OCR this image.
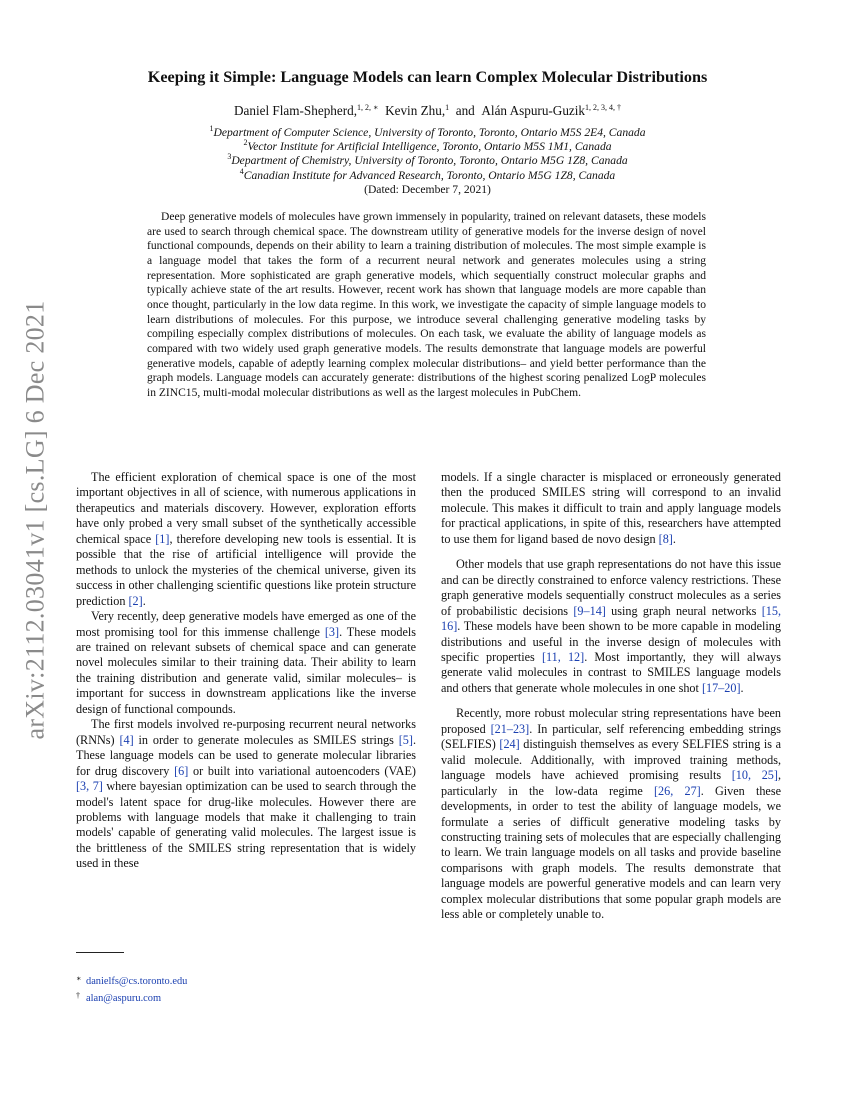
arXiv:2112.03041v1 [cs.LG] 6 Dec 2021
Keeping it Simple: Language Models can learn Complex Molecular Distributions
Daniel Flam-Shepherd,$^{1, 2, ∗}$ Kevin Zhu,$^1$ and Alán Aspuru-Guzik$^{1, 2, 3, 4, \dagger}$
$^1$Department of Computer Science, University of Toronto, Toronto, Ontario M5S 2E4, Canada
$^2$Vector Institute for Artificial Intelligence, Toronto, Ontario M5S 1M1, Canada
$^3$Department of Chemistry, University of Toronto, Toronto, Ontario M5G 1Z8, Canada
$^4$Canadian Institute for Advanced Research, Toronto, Ontario M5G 1Z8, Canada
(Dated: December 7, 2021)

Deep generative models of molecules have grown immensely in popularity, trained on relevant datasets, these models are used to search through chemical space. The downstream utility of generative models for the inverse design of novel functional compounds, depends on their ability to learn a training distribution of molecules. The most simple example is a language model that takes the form of a recurrent neural network and generates molecules using a string representation. More sophisticated are graph generative models, which sequentially construct molecular graphs and typically achieve state of the art results. However, recent work has shown that language models are more capable than once thought, particularly in the low data regime. In this work, we investigate the capacity of simple language models to learn distributions of molecules. For this purpose, we introduce several challenging generative modeling tasks by compiling especially complex distributions of molecules. On each task, we evaluate the ability of language models as compared with two widely used graph generative models. The results demonstrate that language models are powerful generative models, capable of adeptly learning complex molecular distributions– and yield better performance than the graph models. Language models can accurately generate: distributions of the highest scoring penalized LogP molecules in ZINC15, multi-modal molecular distributions as well as the largest molecules in PubChem.

The efficient exploration of chemical space is one of the most important objectives in all of science, with numerous applications in therapeutics and materials discovery. However, exploration efforts have only probed a very small subset of the synthetically accessible chemical space [1], therefore developing new tools is essential. It is possible that the rise of artificial intelligence will provide the methods to unlock the mysteries of the chemical universe, given its success in other challenging scientific questions like protein structure prediction [2].

Very recently, deep generative models have emerged as one of the most promising tool for this immense challenge [3]. These models are trained on relevant subsets of chemical space and can generate novel molecules similar to their training data. Their ability to learn the training distribution and generate valid, similar molecules– is important for success in downstream applications like the inverse design of functional compounds.

The first models involved re-purposing recurrent neural networks (RNNs) [4] in order to generate molecules as SMILES strings [5]. These language models can be used to generate molecular libraries for drug discovery [6] or built into variational autoencoders (VAE) [3, 7] where bayesian optimization can be used to search through the model's latent space for drug-like molecules. However there are problems with language models that make it challenging to train models' capable of generating valid molecules. The largest issue is the brittleness of the SMILES string representation that is widely used in these

models. If a single character is misplaced or erroneously generated then the produced SMILES string will correspond to an invalid molecule. This makes it difficult to train and apply language models for practical applications, in spite of this, researchers have attempted to use them for ligand based de novo design [8].

Other models that use graph representations do not have this issue and can be directly constrained to enforce valency restrictions. These graph generative models sequentially construct molecules as a series of probabilistic decisions [9–14] using graph neural networks [15, 16]. These models have been shown to be more capable in modeling distributions and useful in the inverse design of molecules with specific properties [11, 12]. Most importantly, they will always generate valid molecules in contrast to SMILES language models and others that generate whole molecules in one shot [17–20].

Recently, more robust molecular string representations have been proposed [21–23]. In particular, self referencing embedding strings (SELFIES) [24] distinguish themselves as every SELFIES string is a valid molecule. Additionally, with improved training methods, language models have achieved promising results [10, 25], particularly in the low-data regime [26, 27]. Given these developments, in order to test the ability of language models, we formulate a series of difficult generative modeling tasks by constructing training sets of molecules that are especially challenging to learn. We train language models on all tasks and provide baseline comparisons with graph models. The results demonstrate that language models are powerful generative models and can learn very complex molecular distributions that some popular graph models are less able or completely unable to.

∗ danielfs@cs.toronto.edu
† alan@aspuru.com
